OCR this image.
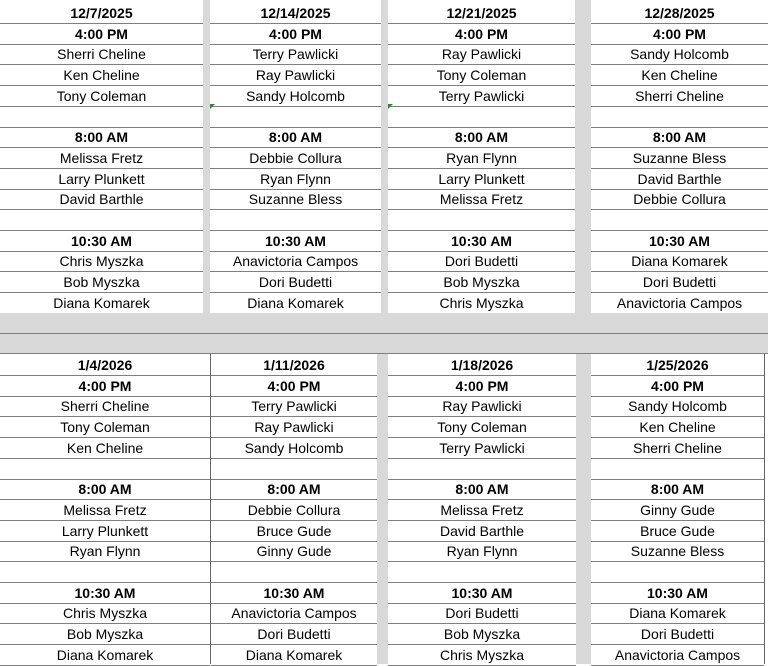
12/7/2025
4:00 PM
Sherri Cheline
Ken Cheline
Tony Coleman
8:00 AM
Melissa Fretz
Larry Plunkett
David Barthle
10:30 AM
Chris Myszka
Bob Myszka
Diana Komarek
12/14/2025
4:00 PM
Terry Pawlicki
Ray Pawlicki
Sandy Holcomb
8:00 AM
Debbie Collura
Ryan Flynn
Suzanne Bless
10:30 AM
Anavictoria Campos
Dori Budetti
Diana Komarek
12/21/2025
4:00 PM
Ray Pawlicki
Tony Coleman
Terry Pawlicki
8:00 AM
Ryan Flynn
Larry Plunkett
Melissa Fretz
10:30 AM
Dori Budetti
Bob Myszka
Chris Myszka
12/28/2025
4:00 PM
Sandy Holcomb
Ken Cheline
Sherri Cheline
8:00 AM
Suzanne Bless
David Barthle
Debbie Collura
10:30 AM
Diana Komarek
Dori Budetti
Anavictoria Campos
1/4/2026
4:00 PM
Sherri Cheline
Tony Coleman
Ken Cheline
8:00 AM
Melissa Fretz
Larry Plunkett
Ryan Flynn
10:30 AM
Chris Myszka
Bob Myszka
Diana Komarek
1/11/2026
4:00 PM
Terry Pawlicki
Ray Pawlicki
Sandy Holcomb
8:00 AM
Debbie Collura
Bruce Gude
Ginny Gude
10:30 AM
Anavictoria Campos
Dori Budetti
Diana Komarek
1/18/2026
4:00 PM
Ray Pawlicki
Tony Coleman
Terry Pawlicki
8:00 AM
Melissa Fretz
David Barthle
Ryan Flynn
10:30 AM
Dori Budetti
Bob Myszka
Chris Myszka
1/25/2026
4:00 PM
Sandy Holcomb
Ken Cheline
Sherri Cheline
8:00 AM
Ginny Gude
Bruce Gude
Suzanne Bless
10:30 AM
Diana Komarek
Dori Budetti
Anavictoria Campos
